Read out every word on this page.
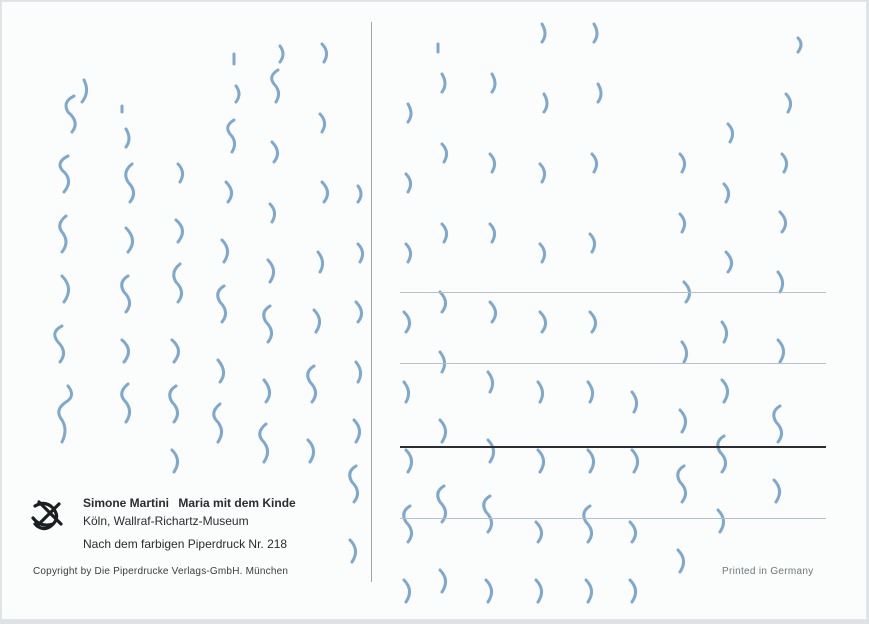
Simone Martini Maria mit dem Kinde
Köln, Wallraf-Richartz-Museum
Nach dem farbigen Piperdruck Nr. 218
Copyright by Die Piperdrucke Verlags-GmbH. München	Printed in Germany
